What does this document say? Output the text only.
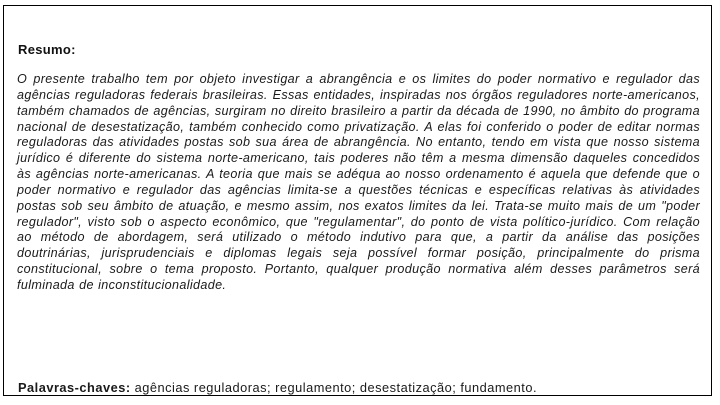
Resumo:

O presente trabalho tem por objeto investigar a abrangência e os limites do poder normativo e regulador das agências reguladoras federais brasileiras. Essas entidades, inspiradas nos órgãos reguladores norte-americanos, também chamados de agências, surgiram no direito brasileiro a partir da década de 1990, no âmbito do programa nacional de desestatização, também conhecido como privatização. A elas foi conferido o poder de editar normas reguladoras das atividades postas sob sua área de abrangência. No entanto, tendo em vista que nosso sistema jurídico é diferente do sistema norte-americano, tais poderes não têm a mesma dimensão daqueles concedidos às agências norte-americanas. A teoria que mais se adéqua ao nosso ordenamento é aquela que defende que o poder normativo e regulador das agências limita-se a questões técnicas e específicas relativas às atividades postas sob seu âmbito de atuação, e mesmo assim, nos exatos limites da lei. Trata-se muito mais de um "poder regulador", visto sob o aspecto econômico, que "regulamentar", do ponto de vista político-jurídico. Com relação ao método de abordagem, será utilizado o método indutivo para que, a partir da análise das posições doutrinárias, jurisprudenciais e diplomas legais seja possível formar posição, principalmente do prisma constitucional, sobre o tema proposto. Portanto, qualquer produção normativa além desses parâmetros será fulminada de inconstitucionalidade.

Palavras-chaves: agências reguladoras; regulamento; desestatização; fundamento.
